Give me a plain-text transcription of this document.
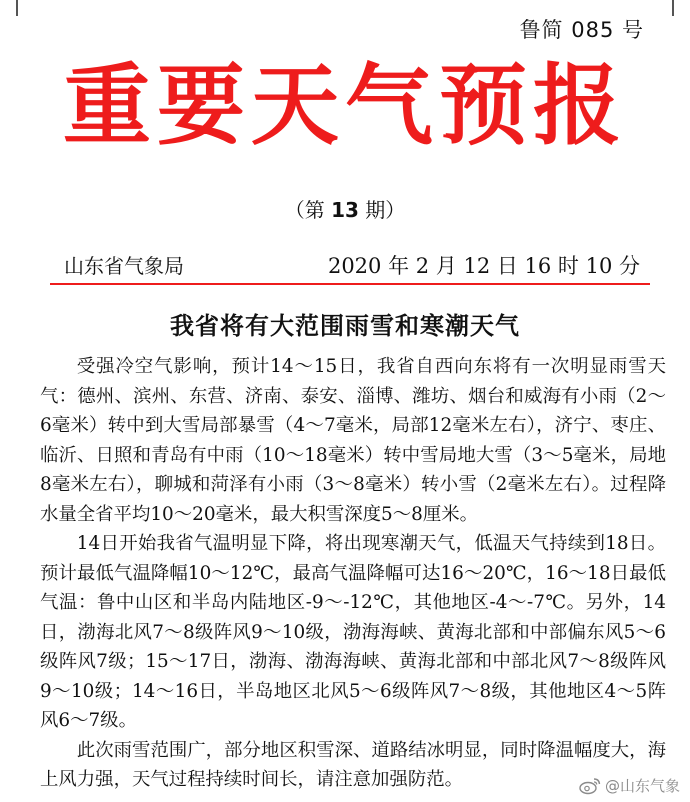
鲁简 085 号
重要天气预报
（第 13 期）
山东省气象局	2020 年 2 月 12 日 16 时 10 分
我省将有大范围雨雪和寒潮天气

受强冷空气影响，预计14～15日，我省自西向东将有一次明显雨雪天气：德州、滨州、东营、济南、泰安、淄博、潍坊、烟台和威海有小雨（2～6毫米）转中到大雪局部暴雪（4～7毫米，局部12毫米左右），济宁、枣庄、临沂、日照和青岛有中雨（10～18毫米）转中雪局地大雪（3～5毫米，局地8毫米左右），聊城和菏泽有小雨（3～8毫米）转小雪（2毫米左右）。过程降水量全省平均10～20毫米，最大积雪深度5～8厘米。

14日开始我省气温明显下降，将出现寒潮天气，低温天气持续到18日。预计最低气温降幅10～12℃，最高气温降幅可达16～20℃，16～18日最低气温：鲁中山区和半岛内陆地区-9～-12℃，其他地区-4～-7℃。另外，14日，渤海北风7～8级阵风9～10级，渤海海峡、黄海北部和中部偏东风5～6级阵风7级；15～17日，渤海、渤海海峡、黄海北部和中部北风7～8级阵风9～10级；14～16日，半岛地区北风5～6级阵风7～8级，其他地区4～5阵风6～7级。

此次雨雪范围广，部分地区积雪深、道路结冰明显，同时降温幅度大，海上风力强，天气过程持续时间长，请注意加强防范。	@山东气象
